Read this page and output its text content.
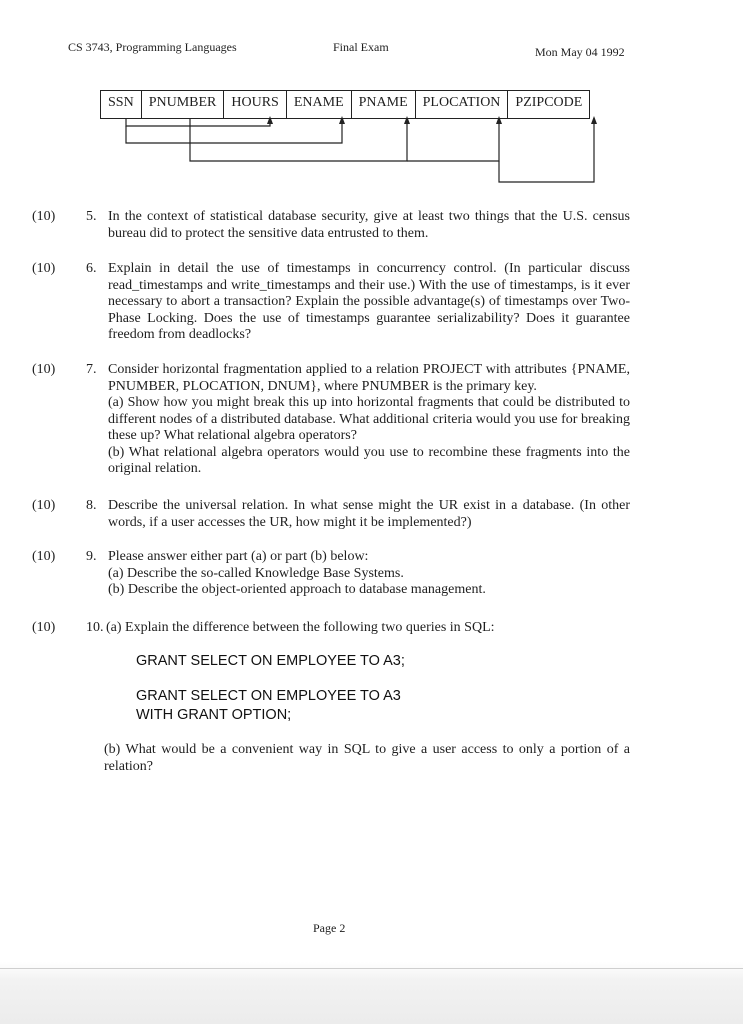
CS 3743, Programming Languages	Final Exam	Mon May 04 1992
SSN	PNUMBER	HOURS	ENAME	PNAME	PLOCATION	PZIPCODE
(10) 5. In the context of statistical database security, give at least two things that the U.S. census bureau did to protect the sensitive data entrusted to them.

(10) 6. Explain in detail the use of timestamps in concurrency control. (In particular discuss read_timestamps and write_timestamps and their use.) With the use of timestamps, is it ever necessary to abort a transaction? Explain the possible advantage(s) of timestamps over Two-Phase Locking. Does the use of timestamps guarantee serializability? Does it guarantee freedom from deadlocks?

(10) 7. Consider horizontal fragmentation applied to a relation PROJECT with attributes {PNAME, PNUMBER, PLOCATION, DNUM}, where PNUMBER is the primary key.

(a) Show how you might break this up into horizontal fragments that could be distributed to different nodes of a distributed database. What additional criteria would you use for breaking these up? What relational algebra operators?

(b) What relational algebra operators would you use to recombine these fragments into the original relation.

(10) 8. Describe the universal relation. In what sense might the UR exist in a database. (In other words, if a user accesses the UR, how might it be implemented?)

(10) 9. Please answer either part (a) or part (b) below:

(a) Describe the so-called Knowledge Base Systems.

(b) Describe the object-oriented approach to database management.

(10) 10. (a) Explain the difference between the following two queries in SQL:

GRANT SELECT ON EMPLOYEE TO A3;
GRANT SELECT ON EMPLOYEE TO A3
WITH GRANT OPTION;
(b) What would be a convenient way in SQL to give a user access to only a portion of a relation?
Page 2
